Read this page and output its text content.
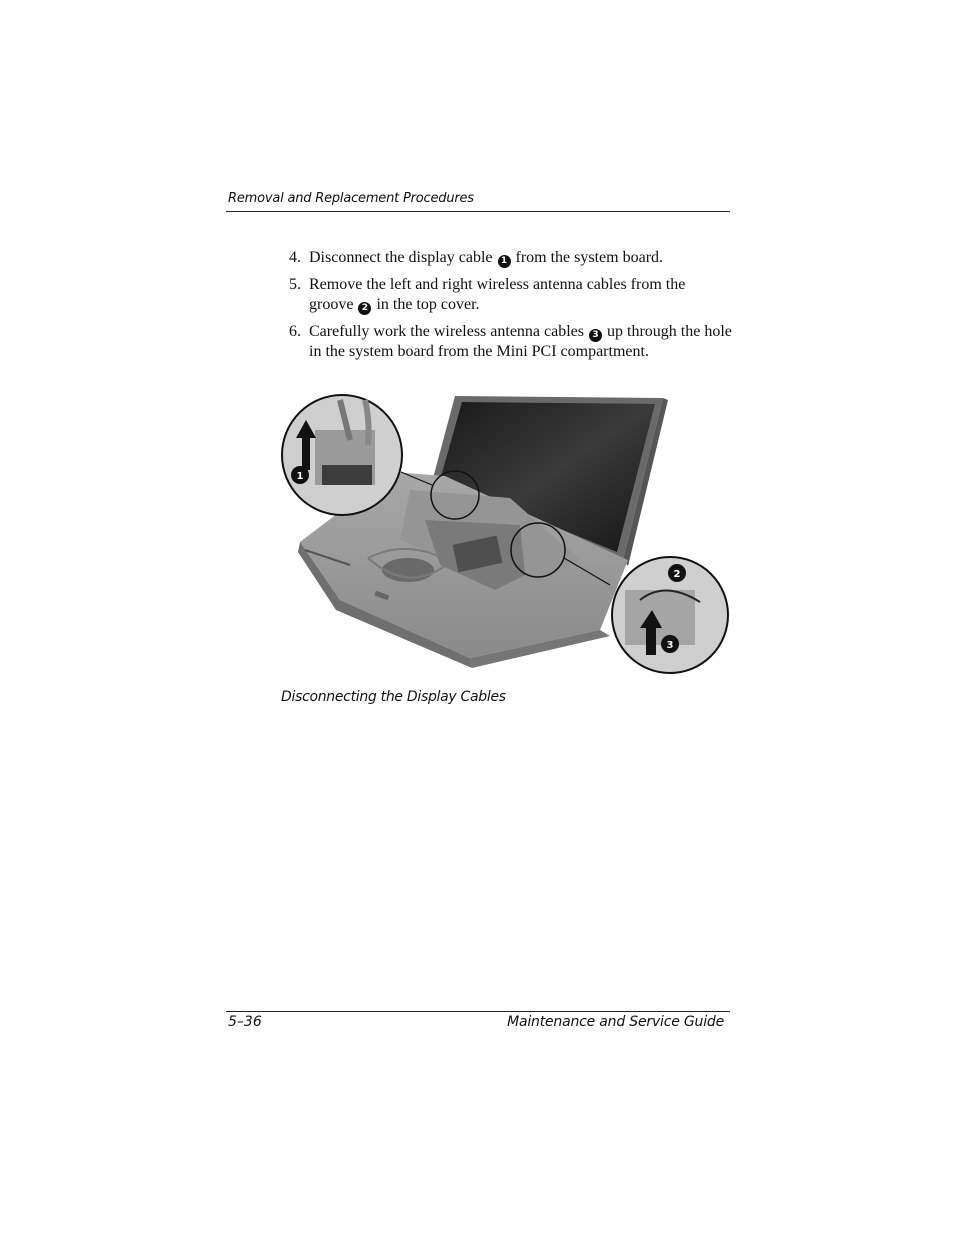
Removal and Replacement Procedures
4. Disconnect the display cable 1 from the system board.
5. Remove the left and right wireless antenna cables from the groove 2 in the top cover.
6. Carefully work the wireless antenna cables 3 up through the hole in the system board from the Mini PCI compartment.
1
2
3
Disconnecting the Display Cables
5–36	Maintenance and Service Guide
